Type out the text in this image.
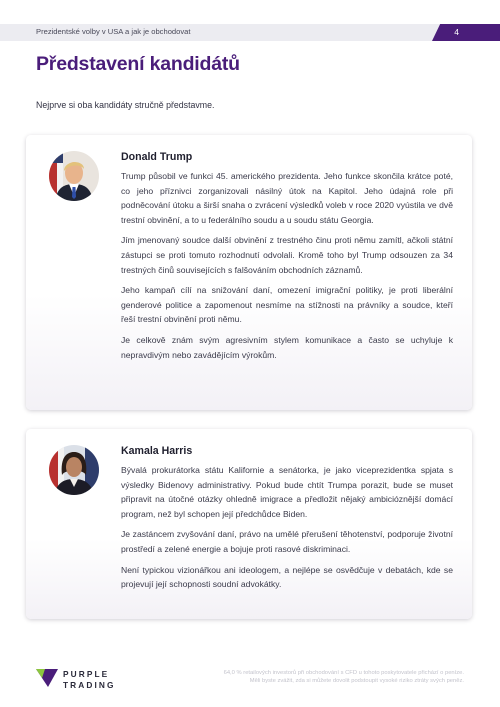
Prezidentské volby v USA a jak je obchodovat	4
Představení kandidátů

Nejprve si oba kandidáty stručně představme.

Donald Trump

Trump působil ve funkci 45. amerického prezidenta. Jeho funkce skončila krátce poté, co jeho příznivci zorganizovali násilný útok na Kapitol. Jeho údajná role při podněcování útoku a širší snaha o zvrácení výsledků voleb v roce 2020 vyústila ve dvě trestní obvinění, a to u federálního soudu a u soudu státu Georgia.

Jím jmenovaný soudce další obvinění z trestného činu proti němu zamítl, ačkoli státní zástupci se proti tomuto rozhodnutí odvolali. Kromě toho byl Trump odsouzen za 34 trestných činů souvisejících s falšováním obchodních záznamů.

Jeho kampaň cílí na snižování daní, omezení imigrační politiky, je proti liberální genderové politice a zapomenout nesmíme na stížnosti na právníky a soudce, kteří řeší trestní obvinění proti němu.

Je celkově znám svým agresivním stylem komunikace a často se uchyluje k nepravdivým nebo zavádějícím výrokům.

Kamala Harris

Bývalá prokurátorka státu Kalifornie a senátorka, je jako viceprezidentka spjata s výsledky Bidenovy administrativy. Pokud bude chtít Trumpa porazit, bude se muset připravit na útočné otázky ohledně imigrace a předložit nějaký ambicióznější domácí program, než byl schopen její předchůdce Biden.

Je zastáncem zvyšování daní, právo na umělé přerušení těhotenství, podporuje životní prostředí a zelené energie a bojuje proti rasové diskriminaci.

Není typickou vizionářkou ani ideologem, a nejlépe se osvědčuje v debatách, kde se projevují její schopnosti soudní advokátky.

PURPLE
TRADING
64,0 % retailových investorů při obchodování s CFD u tohoto poskytovatele přichází o peníze.
Měli byste zvážit, zda si můžete dovolit podstoupit vysoké riziko ztráty svých peněz.
